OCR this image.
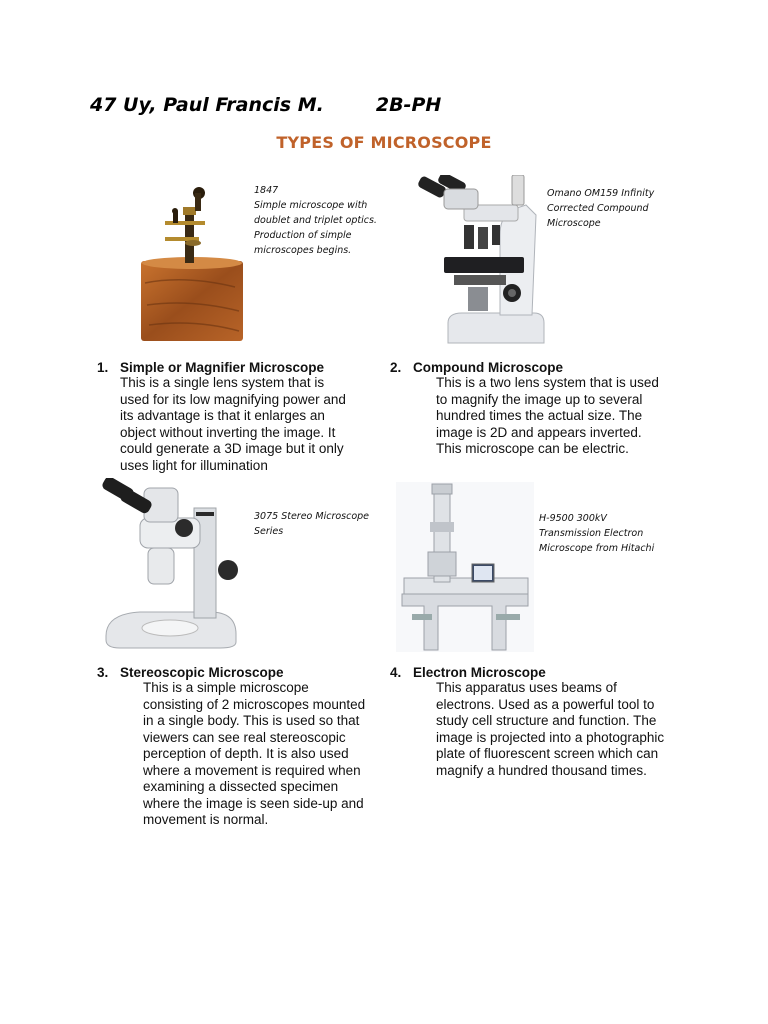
47 Uy, Paul Francis M.	2B-PH
TYPES OF MICROSCOPE
1847
Simple microscope with
doublet and triplet optics.
Production of simple
microscopes begins.
Omano OM159 Infinity
Corrected Compound
Microscope
1. Simple or Magnifier Microscope
This is a single lens system that is
used for its low magnifying power and
its advantage is that it enlarges an
object without inverting the image. It
could generate a 3D image but it only
uses light for illumination
2. Compound Microscope
This is a two lens system that is used
to magnify the image up to several
hundred times the actual size. The
image is 2D and appears inverted.
This microscope can be electric.
3075 Stereo Microscope
Series
H-9500 300kV
Transmission Electron
Microscope from Hitachi
3. Stereoscopic Microscope
This is a simple microscope
consisting of 2 microscopes mounted
in a single body. This is used so that
viewers can see real stereoscopic
perception of depth. It is also used
where a movement is required when
examining a dissected specimen
where the image is seen side-up and
movement is normal.
4. Electron Microscope
This apparatus uses beams of
electrons. Used as a powerful tool to
study cell structure and function. The
image is projected into a photographic
plate of fluorescent screen which can
magnify a hundred thousand times.
